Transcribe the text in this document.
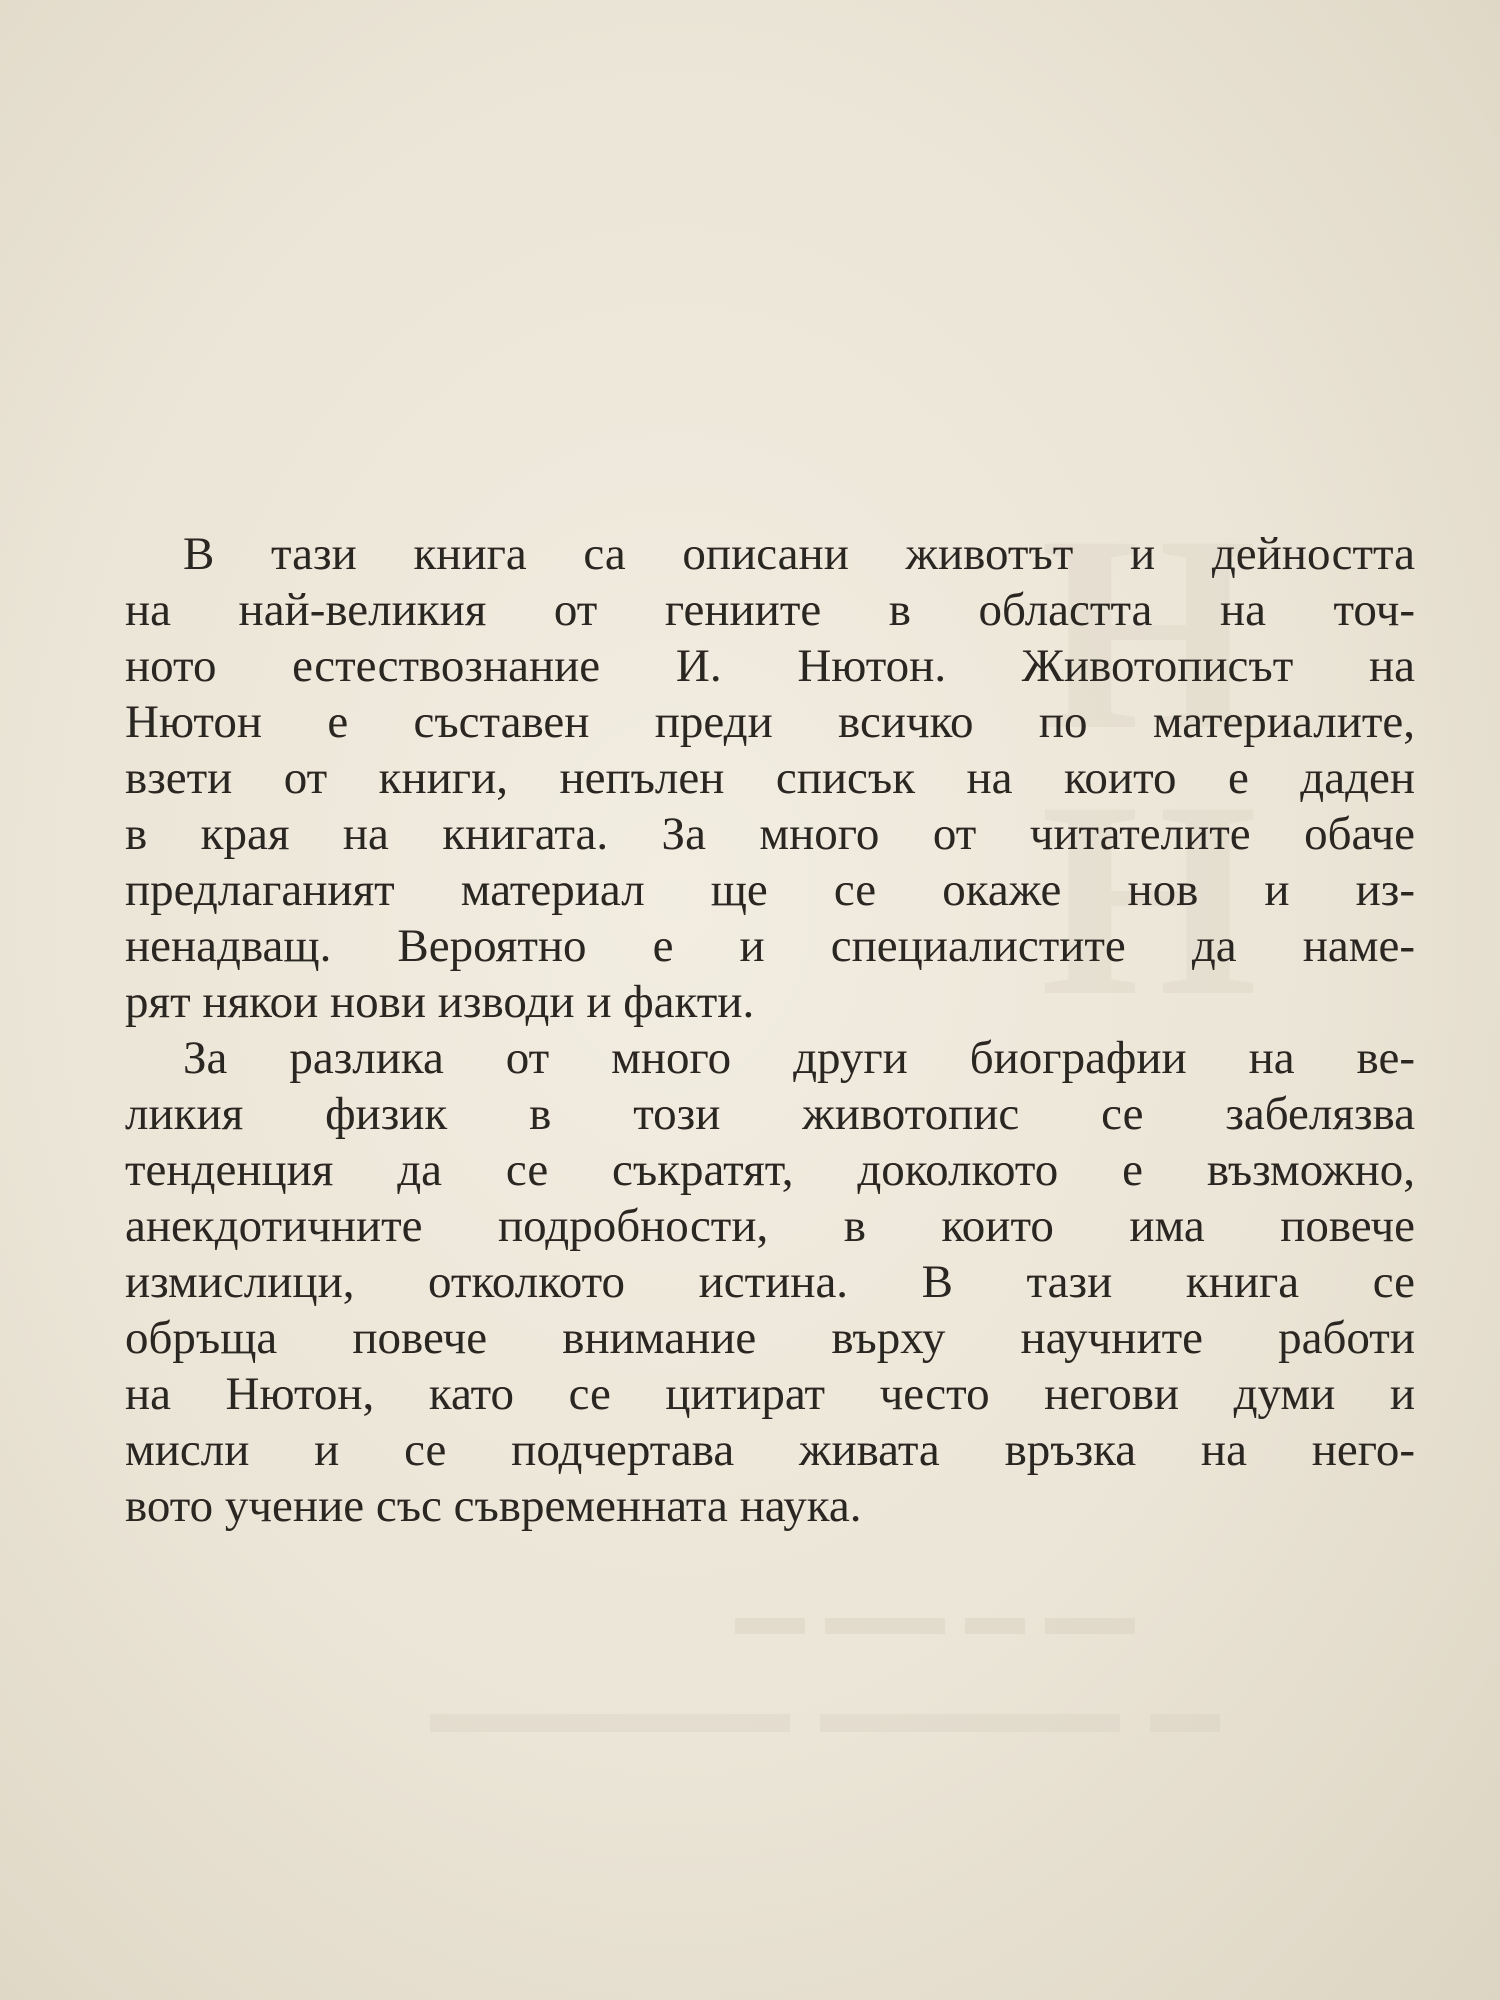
Н
Н
В тази книга са описани животът и дейността
на най-великия от гениите в областта на точ-
ното естествознание И. Нютон. Животописът на
Нютон е съставен преди всичко по материалите,
взети от книги, непълен списък на които е даден
в края на книгата. За много от читателите обаче
предлаганият материал ще се окаже нов и из-
ненадващ. Вероятно е и специалистите да наме-
рят някои нови изводи и факти.
За разлика от много други биографии на ве-
ликия физик в този животопис се забелязва
тенденция да се съкратят, доколкото е възможно,
анекдотичните подробности, в които има повече
измислици, отколкото истина. В тази книга се
обръща повече внимание върху научните работи
на Нютон, като се цитират често негови думи и
мисли и се подчертава живата връзка на него-
вото учение със съвременната наука.
